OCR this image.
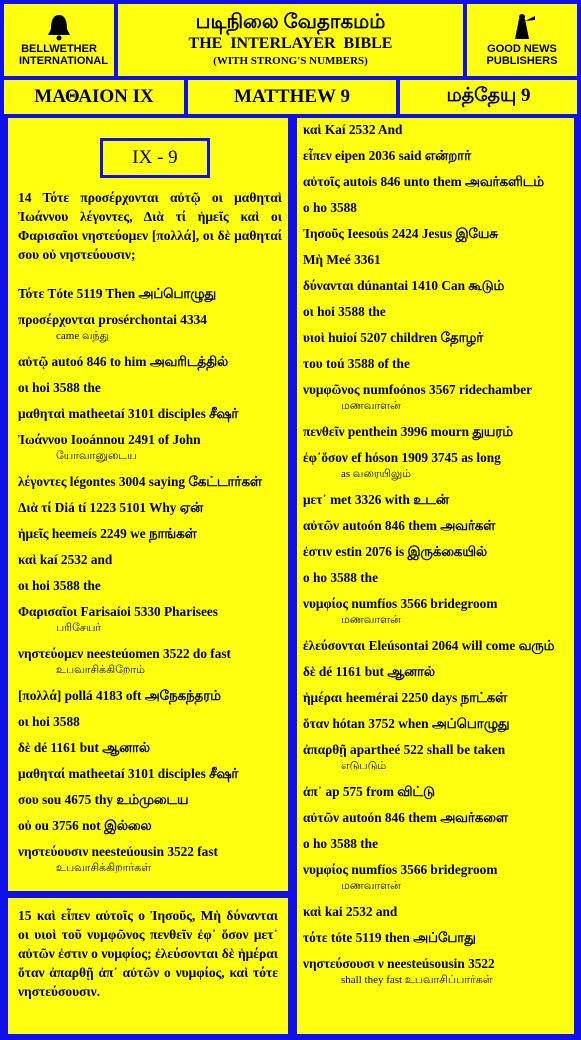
BELLWETHER INTERNATIONAL
படிநிலை வேதாகமம்
THE INTERLAYER BIBLE
(WITH STRONG'S NUMBERS)
GOOD NEWS PUBLISHERS
ΜΑΘΑΙΟΝ IX	MATTHEW 9	மத்தேயு 9
IX - 9
14 Τότε προσέρχονται αὐτῷ οι μαθηταὶ Ἰωάννου λέγοντες, Διὰ τί ἡμεῖς καὶ οι Φαρισαῖοι νηστεύομεν [πολλά], οι δὲ μαθηταί σου οὐ νηστεύουσιν;
Τότε Tóte 5119 Then அப்பொழுது
προσέρχονται prosérchontai 4334
came வந்து
αὐτῷ autoó 846 to him அவரிடத்தில்
οι hoi 3588 the
μαθηταὶ matheetaí 3101 disciples சீஷர்
Ἰωάννου Iooánnou 2491 of John
யோவானுடைய
λέγοντες légontes 3004 saying கேட்டார்கள்
Διὰ τί Diá tí 1223 5101 Why ஏன்
ἡμεῖς heemeís 2249 we நாங்கள்
καὶ kaí 2532 and
οι hoi 3588 the
Φαρισαῖοι Farisaíoi 5330 Pharisees
பரிசேயர்
νηστεύομεν neesteúomen 3522 do fast
உபவாசிக்கிறோம்
[πολλά] pollá 4183 oft அநேகந்தரம்
οι hoi 3588
δὲ dé 1161 but ஆனால்
μαθηταί matheetaí 3101 disciples சீஷர்
σου sou 4675 thy உம்முடைய
οὐ ou 3756 not இல்லை
νηστεύουσιν neesteúousin 3522 fast
உபவாசிக்கிறார்கள்
15 καὶ εἶπεν αὐτοῖς ο Ἰησοῦς, Μὴ δύνανται οι υιοὶ τοῦ νυμφῶνος πενθεῖν ἐφ᾽ ὅσον μετ᾽ αὐτῶν ἐστιν ο νυμφίος; ἐλεύσονται δὲ ἡμέραι ὅταν ἀπαρθῇ ἀπ᾽ αὐτῶν ο νυμφίος, καὶ τότε νηστεύσουσιν.
καὶ Kaí 2532 And
εἶπεν eipen 2036 said என்றார்
αὐτοῖς autois 846 unto them அவர்களிடம்
ο ho 3588
Ἰησοῦς Ieesoús 2424 Jesus இயேசு
Μὴ Meé 3361
δύνανται dúnantai 1410 Can கூடும்
οι hoi 3588 the
υιοὶ huioí 5207 children தோழர்
του toú 3588 of the
νυμφῶνος numfoónos 3567 ridechamber
மணவாளன்
πενθεῖν penthein 3996 mourn துயரம்
ἐφ᾽ὅσον ef hóson 1909 3745 as long
as வரையிலும்
μετ᾽ met 3326 with உடன்
αὐτῶν autoón 846 them அவர்கள்
ἐστιν estin 2076 is இருக்கையில்
ο ho 3588 the
νυμφίος numfíos 3566 bridegroom
மணவாளன்
ἐλεύσονται Eleúsontai 2064 will come வரும்
δὲ dé 1161 but ஆனால்
ἡμέραι heemérai 2250 days நாட்கள்
ὅταν hótan 3752 when அப்பொழுது
ἀπαρθῇ apartheé 522 shall be taken
எடுபடும்
ἀπ᾽ ap 575 from விட்டு
αὐτῶν autoón 846 them அவர்களை
ο ho 3588 the
νυμφίος numfíos 3566 bridegroom
மணவாளன்
καὶ kai 2532 and
τότε tóte 5119 then அப்போது
νηστεύσουσι ν neesteúsousin 3522
shall they fast உபவாசிப்பார்கள்
